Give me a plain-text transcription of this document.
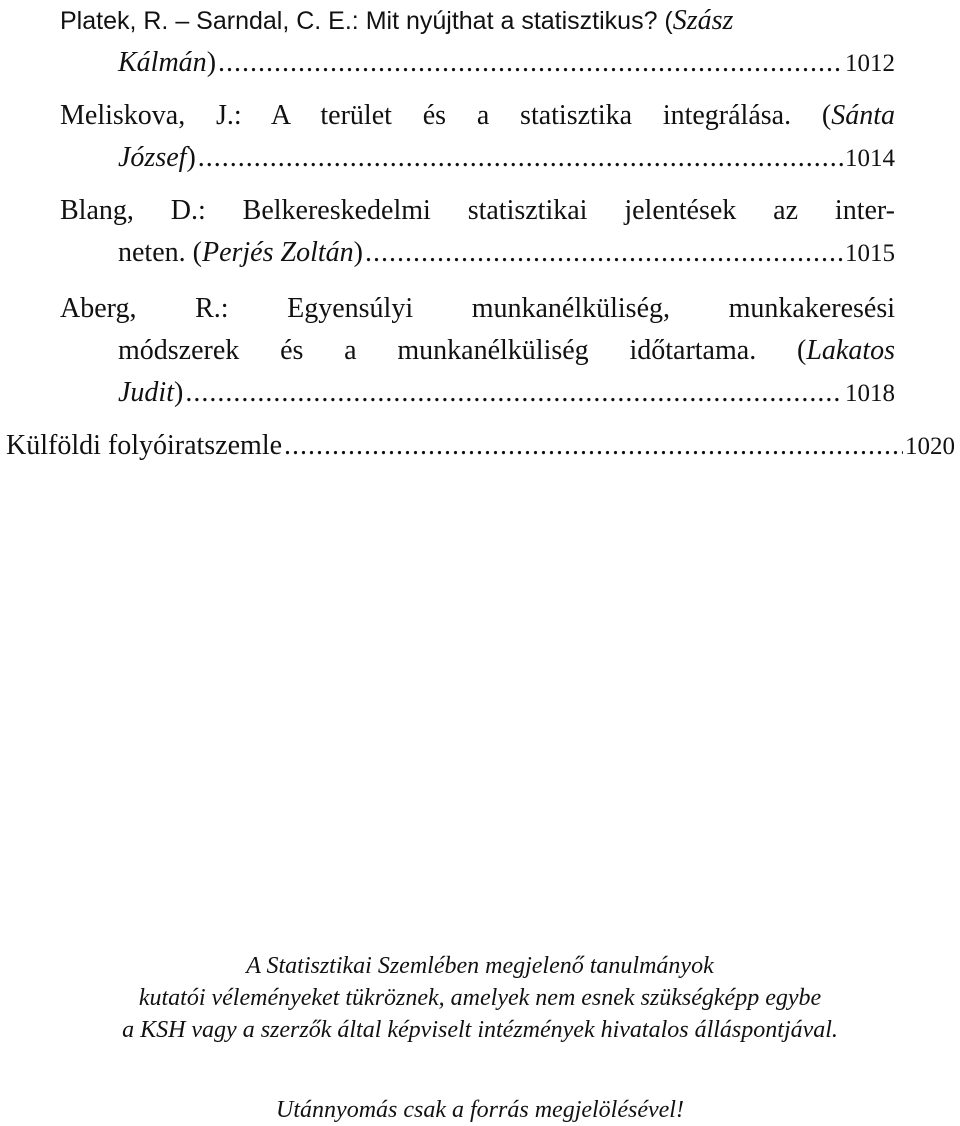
Platek, R. – Sarndal, C. E.: Mit nyújthat a statisztikus? (Szász
Kálmán) .....	1012
Meliskova, J.: A terület és a statisztika integrálása. (Sánta
József) .....	1014
Blang, D.: Belkereskedelmi statisztikai jelentések az inter-
neten. (Perjés Zoltán) .....	1015
Aberg, R.: Egyensúlyi munkanélküliség, munkakeresési
módszerek és a munkanélküliség időtartama. (Lakatos
Judit) .....	1018
Külföldi folyóiratszemle .....	1020
A Statisztikai Szemlében megjelenő tanulmányok
kutatói véleményeket tükröznek, amelyek nem esnek szükségképp egybe
a KSH vagy a szerzők által képviselt intézmények hivatalos álláspontjával.
Utánnyomás csak a forrás megjelölésével!
